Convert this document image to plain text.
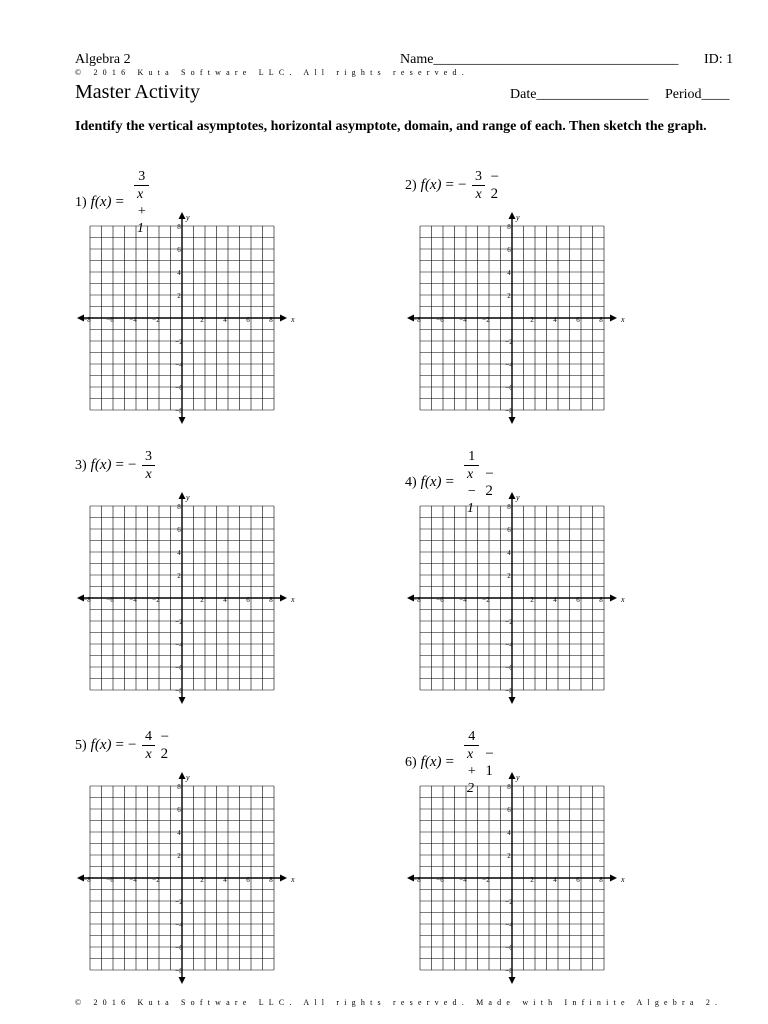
Algebra 2	Name___________________________________ ID: 1
© 2016 Kuta Software LLC. All rights reserved.
Master Activity	Date________________ Period____
Identify the vertical asymptotes, horizontal asymptote, domain, and range of each. Then sketch the graph.
1) $f(x) = \frac{3}{x + 1}$
−8 −6 −4 −2	2	4	6	8
8
6
4
2
−2
−4
−6
−8
x
y
2) f(x) = − $\frac{3}{x} - 2$
−8 −6 −4 −2	2	4	6	8
8
6
4
2
−2
−4
−6
−8
x
y
3) f(x) = − $\frac{3}{x}$
−8 −6 −4 −2	2	4	6	8
8
6
4
2
−2
−4
−6
−8
x
y
4) $f(x) = \frac{1}{x - 1} - 2$
−8 −6 −4 −2	2	4	6	8
8
6
4
2
−2
−4
−6
−8
x
y
5) f(x) = − $\frac{4}{x} - 2$
−8 −6 −4 −2	2	4	6	8
8
6
4
2
−2
−4
−6
−8
x
y
6) $f(x) = \frac{4}{x + 2} - 1$
−8 −6 −4 −2	2	4	6	8
8
6
4
2
−2
−4
−6
−8
x
y
© 2016 Kuta Software LLC. All rights reserved. Made with Infinite Algebra 2.
